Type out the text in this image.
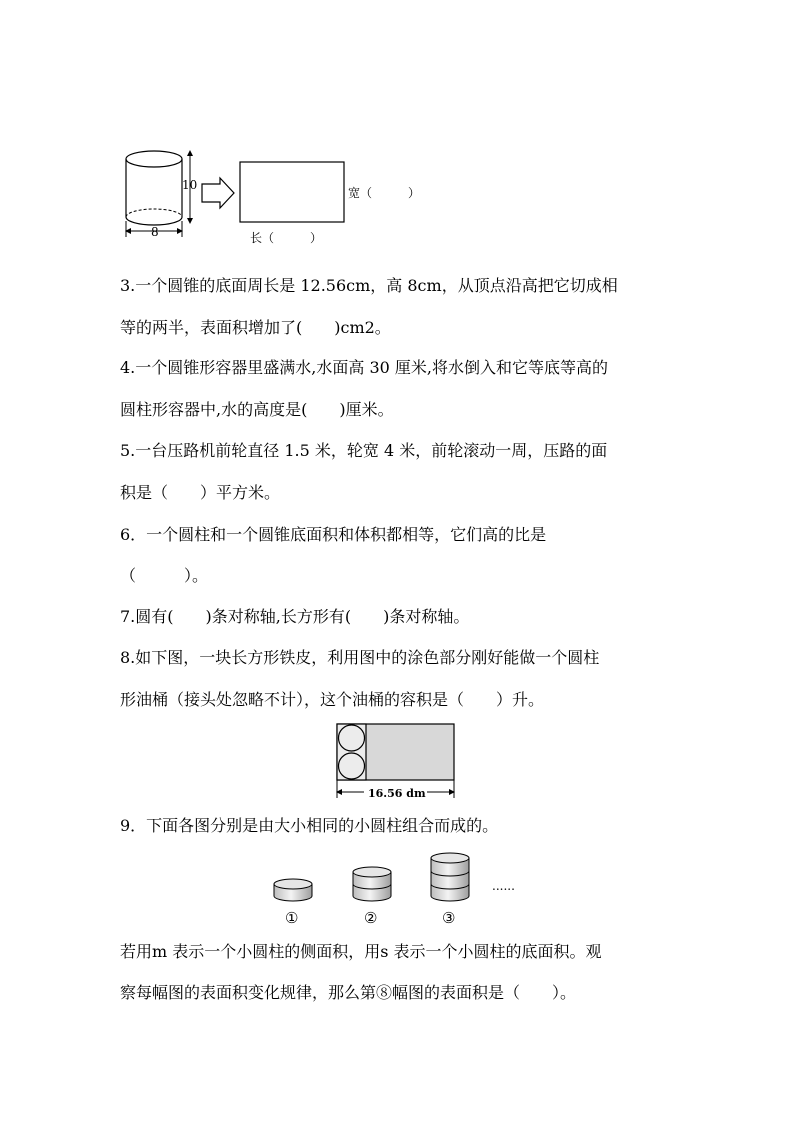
10
8
宽（　　　）
长（　　　）
3.一个圆锥的底面周长是 12.56cm，高 8cm，从顶点沿高把它切成相
等的两半，表面积增加了(　　)cm2。
4.一个圆锥形容器里盛满水,水面高 30 厘米,将水倒入和它等底等高的
圆柱形容器中,水的高度是(　　)厘米。
5.一台压路机前轮直径 1.5 米，轮宽 4 米，前轮滚动一周，压路的面
积是（　　）平方米。
6．一个圆柱和一个圆锥底面积和体积都相等，它们高的比是
（　　　）。
7.圆有(　　)条对称轴,长方形有(　　)条对称轴。
8.如下图，一块长方形铁皮，利用图中的涂色部分刚好能做一个圆柱
形油桶（接头处忽略不计），这个油桶的容积是（　　）升。
16.56 dm
9．下面各图分别是由大小相同的小圆柱组合而成的。
①	②	③
......
若用m 表示一个小圆柱的侧面积，用s 表示一个小圆柱的底面积。观
察每幅图的表面积变化规律，那么第⑧幅图的表面积是（　　）。
